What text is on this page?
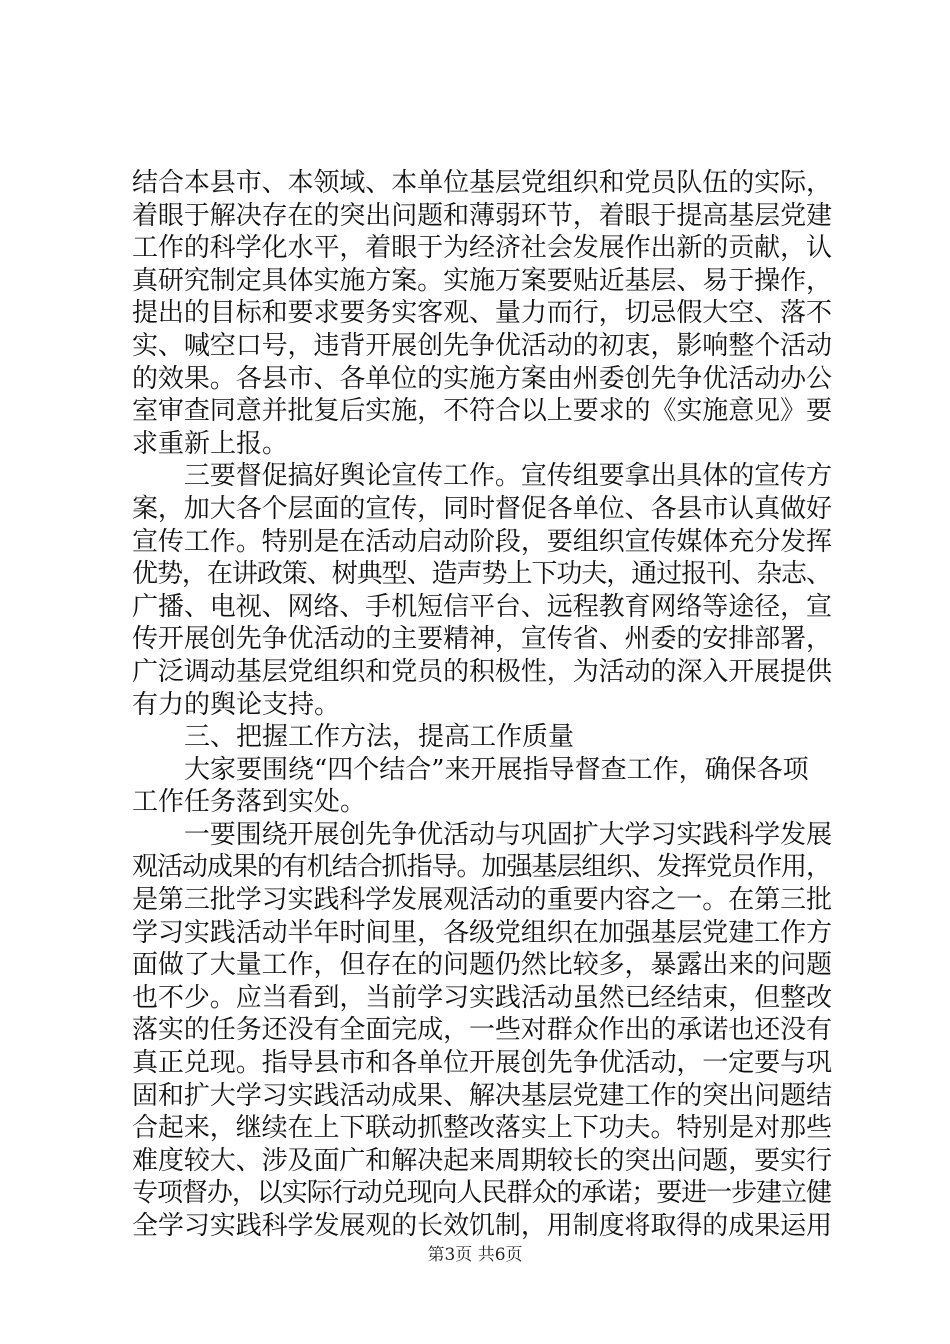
结合本县市、本领域、本单位基层党组织和党员队伍的实际，
着眼于解决存在的突出问题和薄弱环节，着眼于提高基层党建
工作的科学化水平，着眼于为经济社会发展作出新的贡献，认
真研究制定具体实施方案。实施万案要贴近基层、易于操作，
提出的目标和要求要务实客观、量力而行，切忌假大空、落不
实、喊空口号，违背开展创先争优活动的初衷，影响整个活动
的效果。各县市、各单位的实施方案由州委创先争优活动办公
室审查同意并批复后实施，不符合以上要求的《实施意见》要
求重新上报。
　　三要督促搞好舆论宣传工作。宣传组要拿出具体的宣传方
案，加大各个层面的宣传，同时督促各单位、各县市认真做好
宣传工作。特别是在活动启动阶段，要组织宣传媒体充分发挥
优势，在讲政策、树典型、造声势上下功夫，通过报刊、杂志、
广播、电视、网络、手机短信平台、远程教育网络等途径，宣
传开展创先争优活动的主要精神，宣传省、州委的安排部署，
广泛调动基层党组织和党员的积极性，为活动的深入开展提供
有力的舆论支持。
　　三、把握工作方法，提高工作质量
　　大家要围绕“四个结合”来开展指导督查工作，确保各项
工作任务落到实处。
　　一要围绕开展创先争优活动与巩固扩大学习实践科学发展
观活动成果的有机结合抓指导。加强基层组织、发挥党员作用，
是第三批学习实践科学发展观活动的重要内容之一。在第三批
学习实践活动半年时间里，各级党组织在加强基层党建工作方
面做了大量工作，但存在的问题仍然比较多，暴露出来的问题
也不少。应当看到，当前学习实践活动虽然已经结束，但整改
落实的任务还没有全面完成，一些对群众作出的承诺也还没有
真正兑现。指导县市和各单位开展创先争优活动，一定要与巩
固和扩大学习实践活动成果、解决基层党建工作的突出问题结
合起来，继续在上下联动抓整改落实上下功夫。特别是对那些
难度较大、涉及面广和解决起来周期较长的突出问题，要实行
专项督办，以实际行动兑现向人民群众的承诺；要进一步建立健
全学习实践科学发展观的长效饥制，用制度将取得的成果运用
第3页 共6页
